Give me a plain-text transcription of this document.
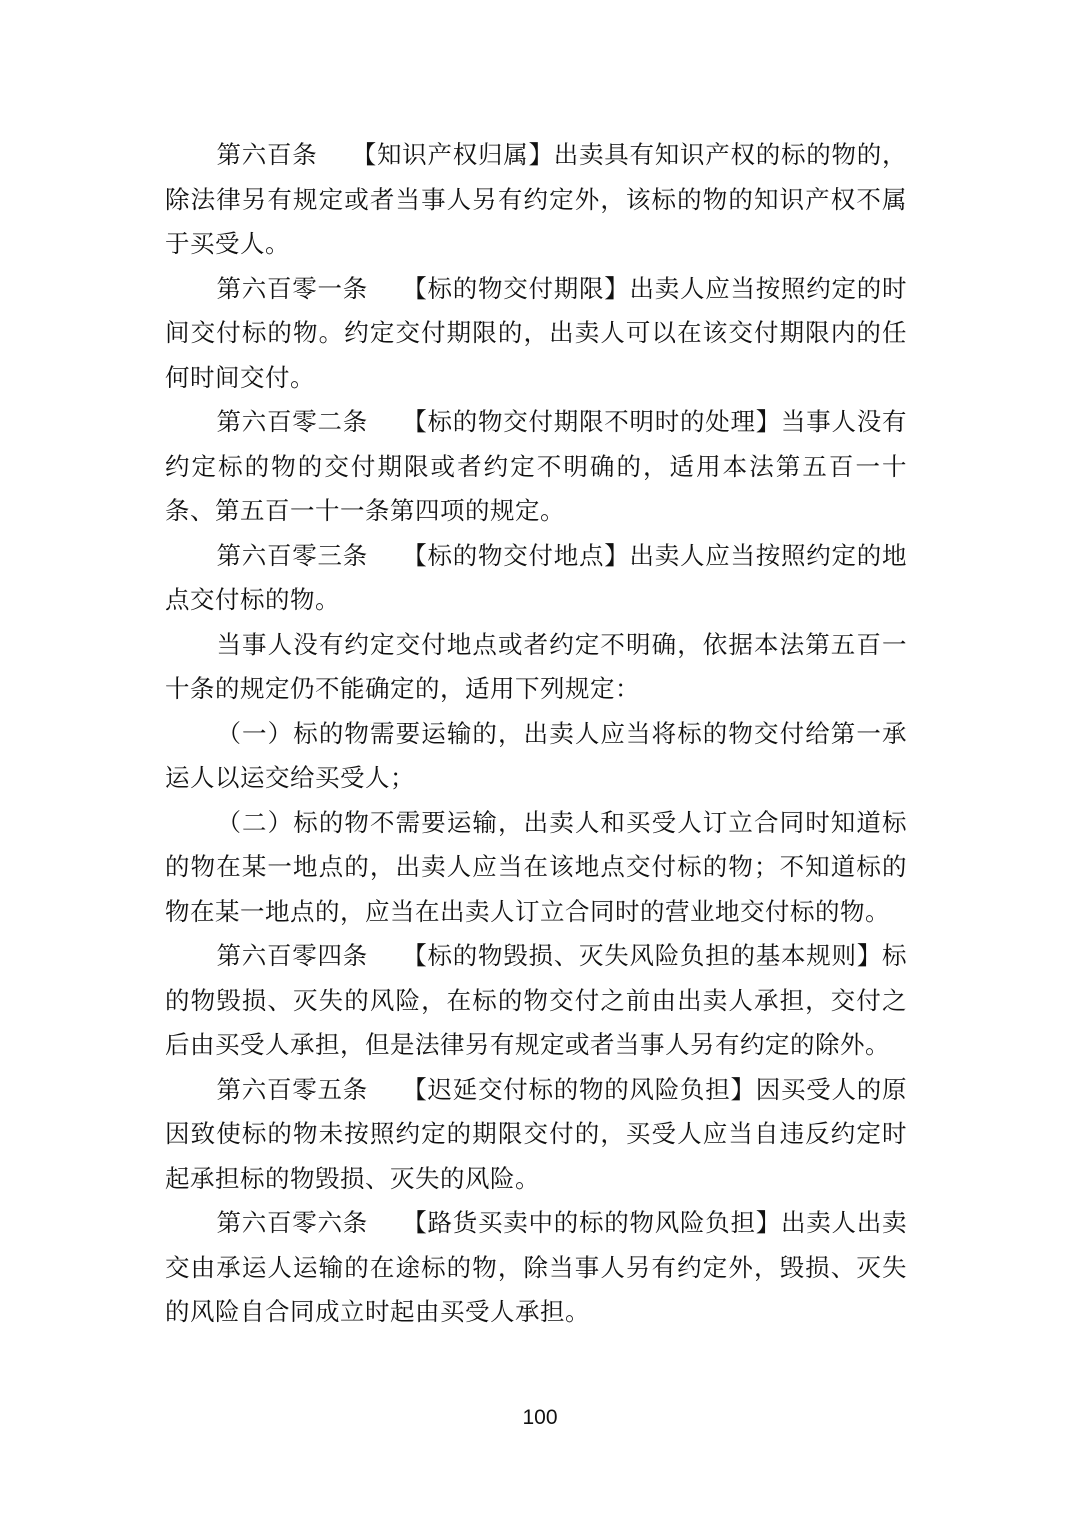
第六百条 【知识产权归属】出卖具有知识产权的标的物的，除法律另有规定或者当事人另有约定外，该标的物的知识产权不属于买受人。

第六百零一条 【标的物交付期限】出卖人应当按照约定的时间交付标的物。约定交付期限的，出卖人可以在该交付期限内的任何时间交付。

第六百零二条 【标的物交付期限不明时的处理】当事人没有约定标的物的交付期限或者约定不明确的，适用本法第五百一十条、第五百一十一条第四项的规定。

第六百零三条 【标的物交付地点】出卖人应当按照约定的地点交付标的物。

当事人没有约定交付地点或者约定不明确，依据本法第五百一十条的规定仍不能确定的，适用下列规定：

（一）标的物需要运输的，出卖人应当将标的物交付给第一承运人以运交给买受人；

（二）标的物不需要运输，出卖人和买受人订立合同时知道标的物在某一地点的，出卖人应当在该地点交付标的物；不知道标的物在某一地点的，应当在出卖人订立合同时的营业地交付标的物。

第六百零四条 【标的物毁损、灭失风险负担的基本规则】标的物毁损、灭失的风险，在标的物交付之前由出卖人承担，交付之后由买受人承担，但是法律另有规定或者当事人另有约定的除外。

第六百零五条 【迟延交付标的物的风险负担】因买受人的原因致使标的物未按照约定的期限交付的，买受人应当自违反约定时起承担标的物毁损、灭失的风险。

第六百零六条 【路货买卖中的标的物风险负担】出卖人出卖交由承运人运输的在途标的物，除当事人另有约定外，毁损、灭失的风险自合同成立时起由买受人承担。

100
